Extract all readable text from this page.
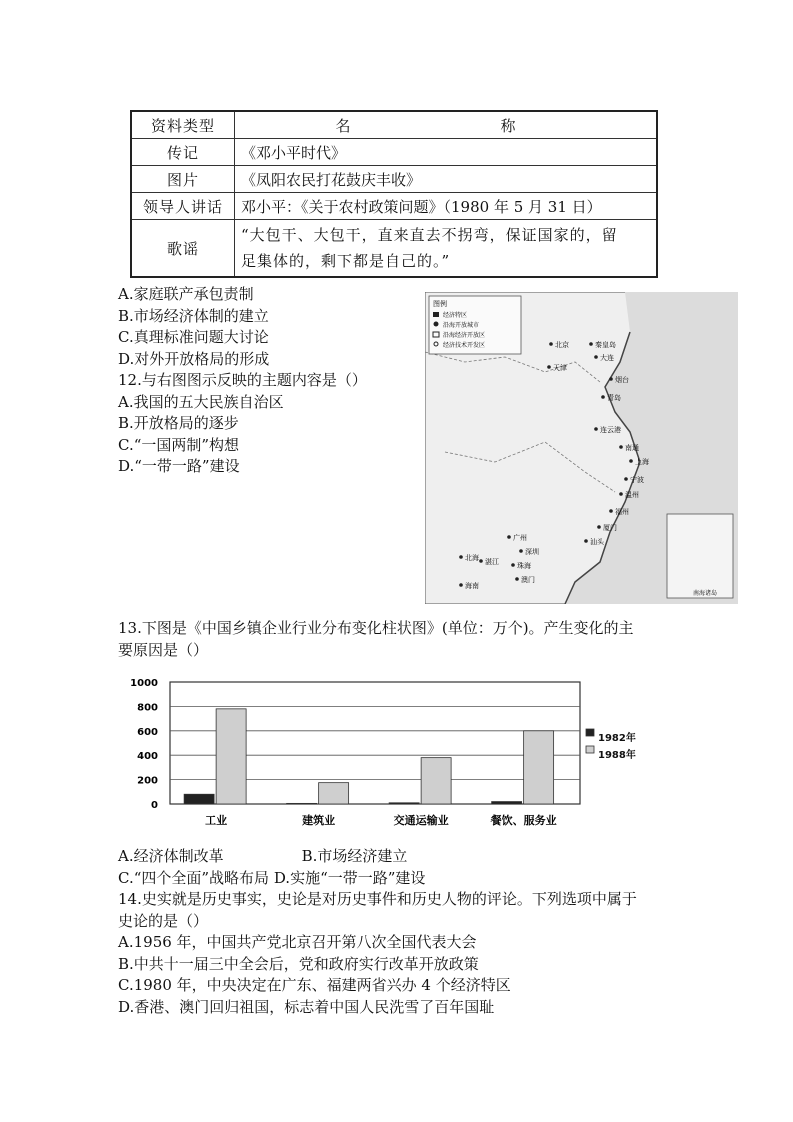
资料类型	名　　称
传记	《邓小平时代》
图片	《凤阳农民打花鼓庆丰收》
领导人讲话	邓小平：《关于农村政策问题》（1980 年 5 月 31 日）
歌谣	“大包干、大包干，直来直去不拐弯，保证国家的，留
足集体的，剩下都是自己的。”
A.家庭联产承包责制
B.市场经济体制的建立
C.真理标准问题大讨论
D.对外开放格局的形成
12.与右图图示反映的主题内容是（）
A.我国的五大民族自治区
B.开放格局的逐步
C.“一国两制”构想
D.“一带一路”建设
图例
经济特区
沿海开放城市
沿海经济开放区
经济技术开发区
南海诸岛
北京	秦皇岛
天津
大连
烟台
青岛
连云港
南通
上海
宁波
温州
福州
厦门
汕头
广州
深圳
珠海
湛江
北海
海南
澳门
13.下图是《中国乡镇企业行业分布变化柱状图》(单位：万个)。产生变化的主
要原因是（）
1000
800
600
400
200
0
工业	建筑业	交通运输业	餐饮、服务业
A.经济体制改革	B.市场经济建立
C.“四个全面”战略布局 D.实施“一带一路”建设
14.史实就是历史事实，史论是对历史事件和历史人物的评论。下列选项中属于
史论的是（）
A.1956 年，中国共产党北京召开第八次全国代表大会
B.中共十一届三中全会后，党和政府实行改革开放政策
C.1980 年，中央决定在广东、福建两省兴办 4 个经济特区
D.香港、澳门回归祖国，标志着中国人民洗雪了百年国耻
1982年
1988年
